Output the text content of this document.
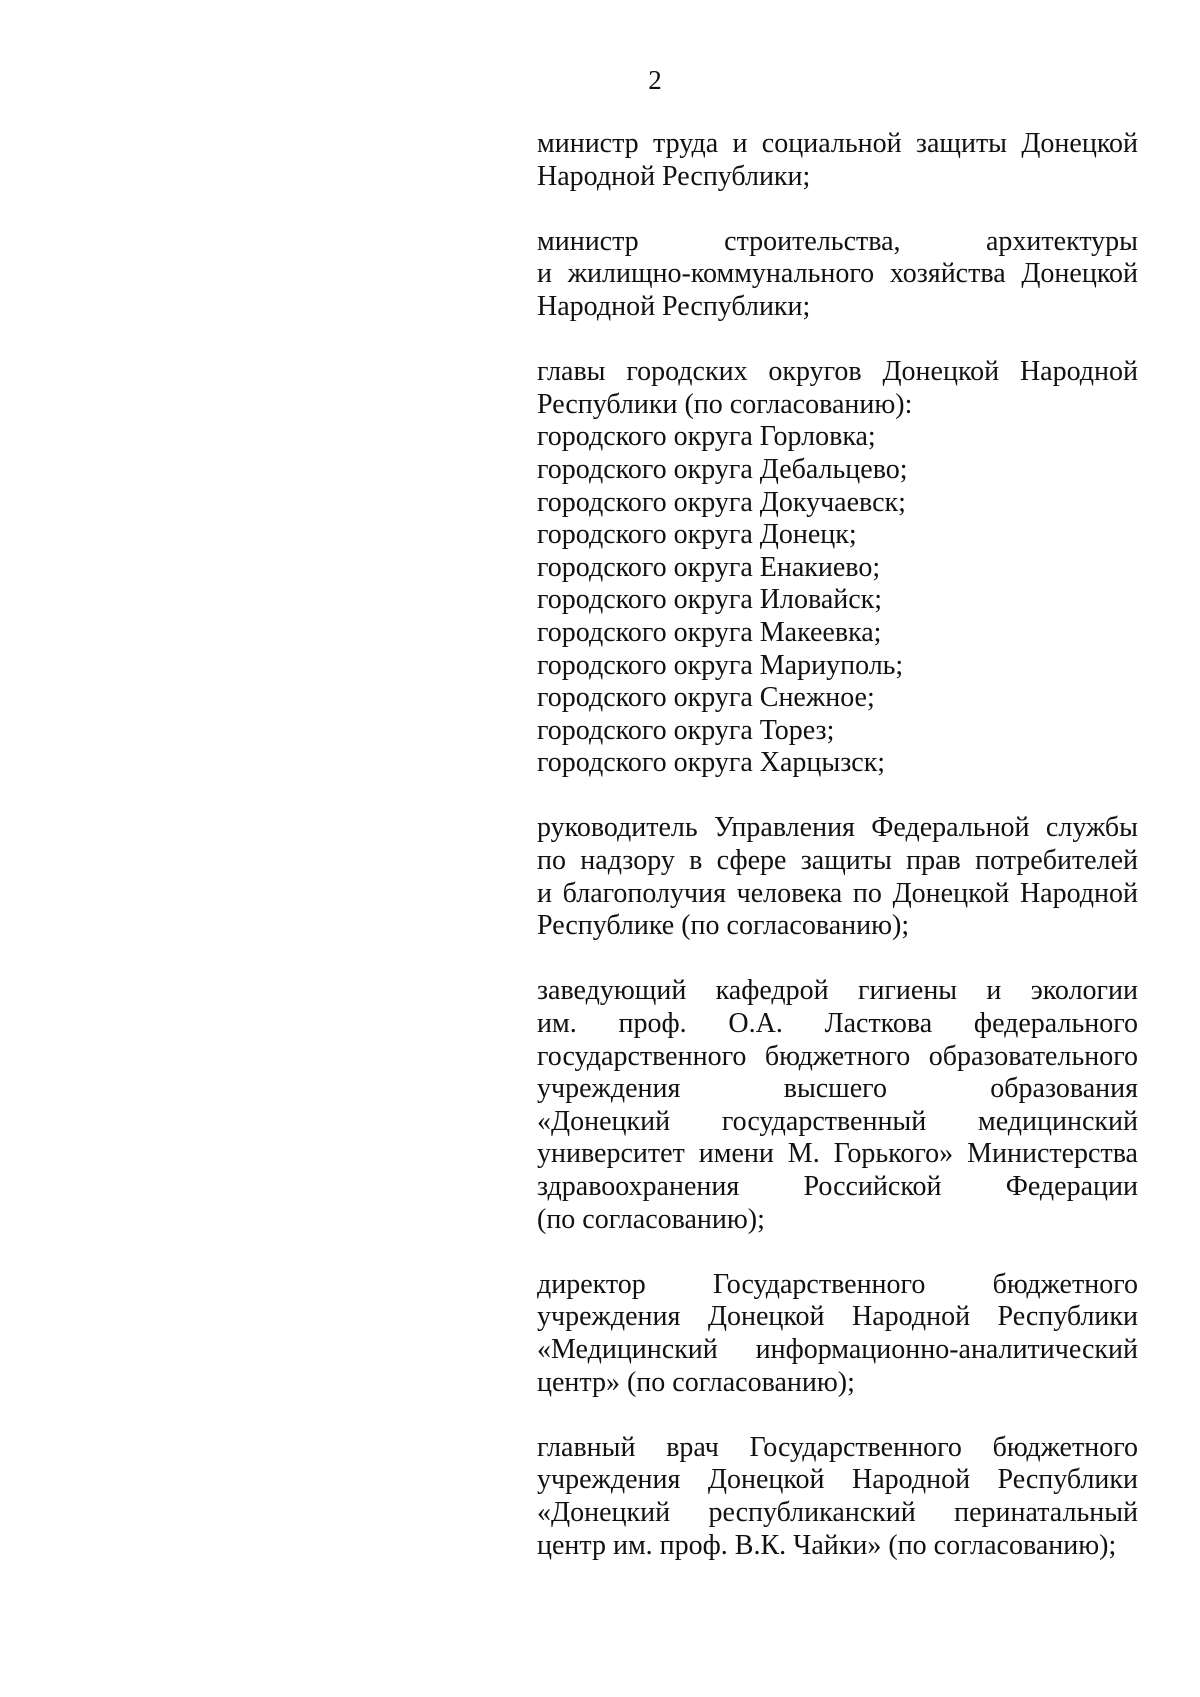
2
министр труда и социальной защиты Донецкой
Народной Республики;
министр строительства, архитектуры
и жилищно-коммунального хозяйства Донецкой
Народной Республики;
главы городских округов Донецкой Народной
Республики (по согласованию):
городского округа Горловка;
городского округа Дебальцево;
городского округа Докучаевск;
городского округа Донецк;
городского округа Енакиево;
городского округа Иловайск;
городского округа Макеевка;
городского округа Мариуполь;
городского округа Снежное;
городского округа Торез;
городского округа Харцызск;
руководитель Управления Федеральной службы
по надзору в сфере защиты прав потребителей
и благополучия человека по Донецкой Народной
Республике (по согласованию);
заведующий кафедрой гигиены и экологии
им. проф. О.А. Ласткова федерального
государственного бюджетного образовательного
учреждения высшего образования
«Донецкий государственный медицинский
университет имени М. Горького» Министерства
здравоохранения Российской Федерации
(по согласованию);
директор Государственного бюджетного
учреждения Донецкой Народной Республики
«Медицинский информационно-аналитический
центр» (по согласованию);
главный врач Государственного бюджетного
учреждения Донецкой Народной Республики
«Донецкий республиканский перинатальный
центр им. проф. В.К. Чайки» (по согласованию);
